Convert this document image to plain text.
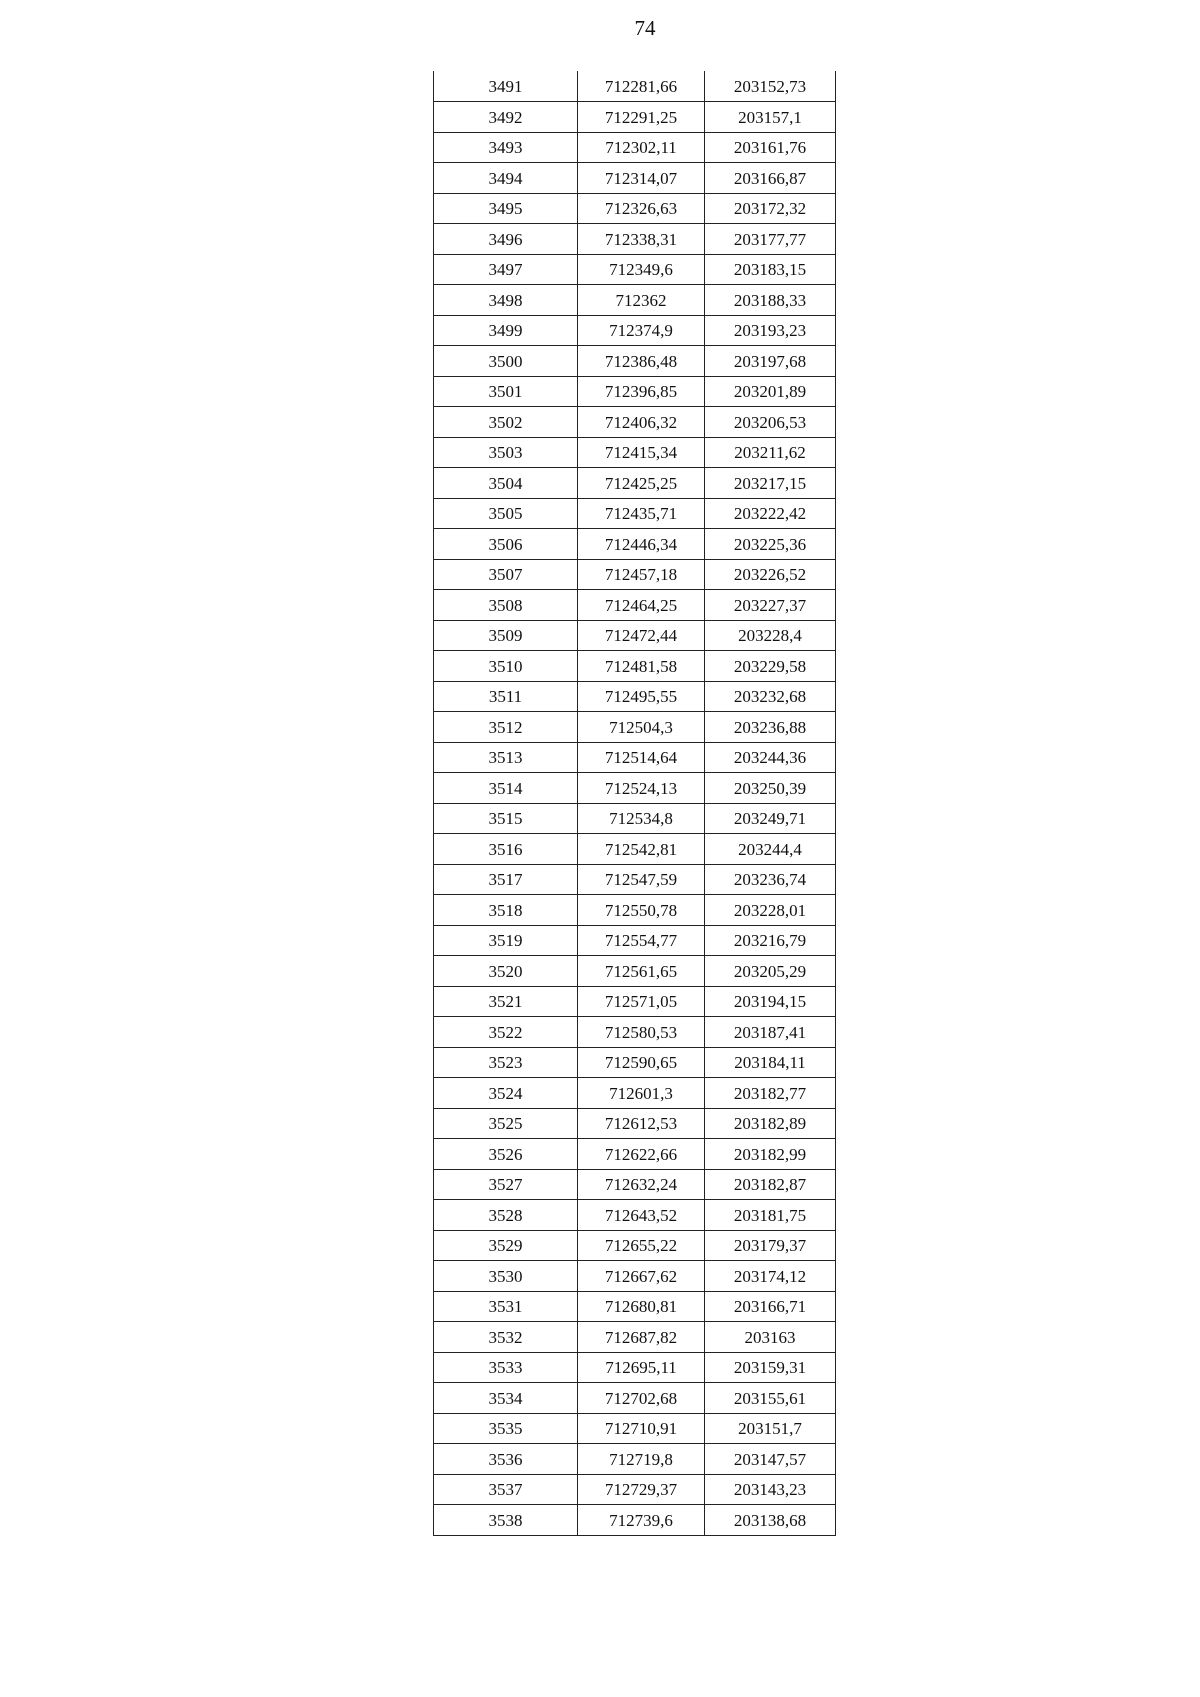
74
3491	712281,66	203152,73
3492	712291,25	203157,1
3493	712302,11	203161,76
3494	712314,07	203166,87
3495	712326,63	203172,32
3496	712338,31	203177,77
3497	712349,6	203183,15
3498	712362	203188,33
3499	712374,9	203193,23
3500	712386,48	203197,68
3501	712396,85	203201,89
3502	712406,32	203206,53
3503	712415,34	203211,62
3504	712425,25	203217,15
3505	712435,71	203222,42
3506	712446,34	203225,36
3507	712457,18	203226,52
3508	712464,25	203227,37
3509	712472,44	203228,4
3510	712481,58	203229,58
3511	712495,55	203232,68
3512	712504,3	203236,88
3513	712514,64	203244,36
3514	712524,13	203250,39
3515	712534,8	203249,71
3516	712542,81	203244,4
3517	712547,59	203236,74
3518	712550,78	203228,01
3519	712554,77	203216,79
3520	712561,65	203205,29
3521	712571,05	203194,15
3522	712580,53	203187,41
3523	712590,65	203184,11
3524	712601,3	203182,77
3525	712612,53	203182,89
3526	712622,66	203182,99
3527	712632,24	203182,87
3528	712643,52	203181,75
3529	712655,22	203179,37
3530	712667,62	203174,12
3531	712680,81	203166,71
3532	712687,82	203163
3533	712695,11	203159,31
3534	712702,68	203155,61
3535	712710,91	203151,7
3536	712719,8	203147,57
3537	712729,37	203143,23
3538	712739,6	203138,68
